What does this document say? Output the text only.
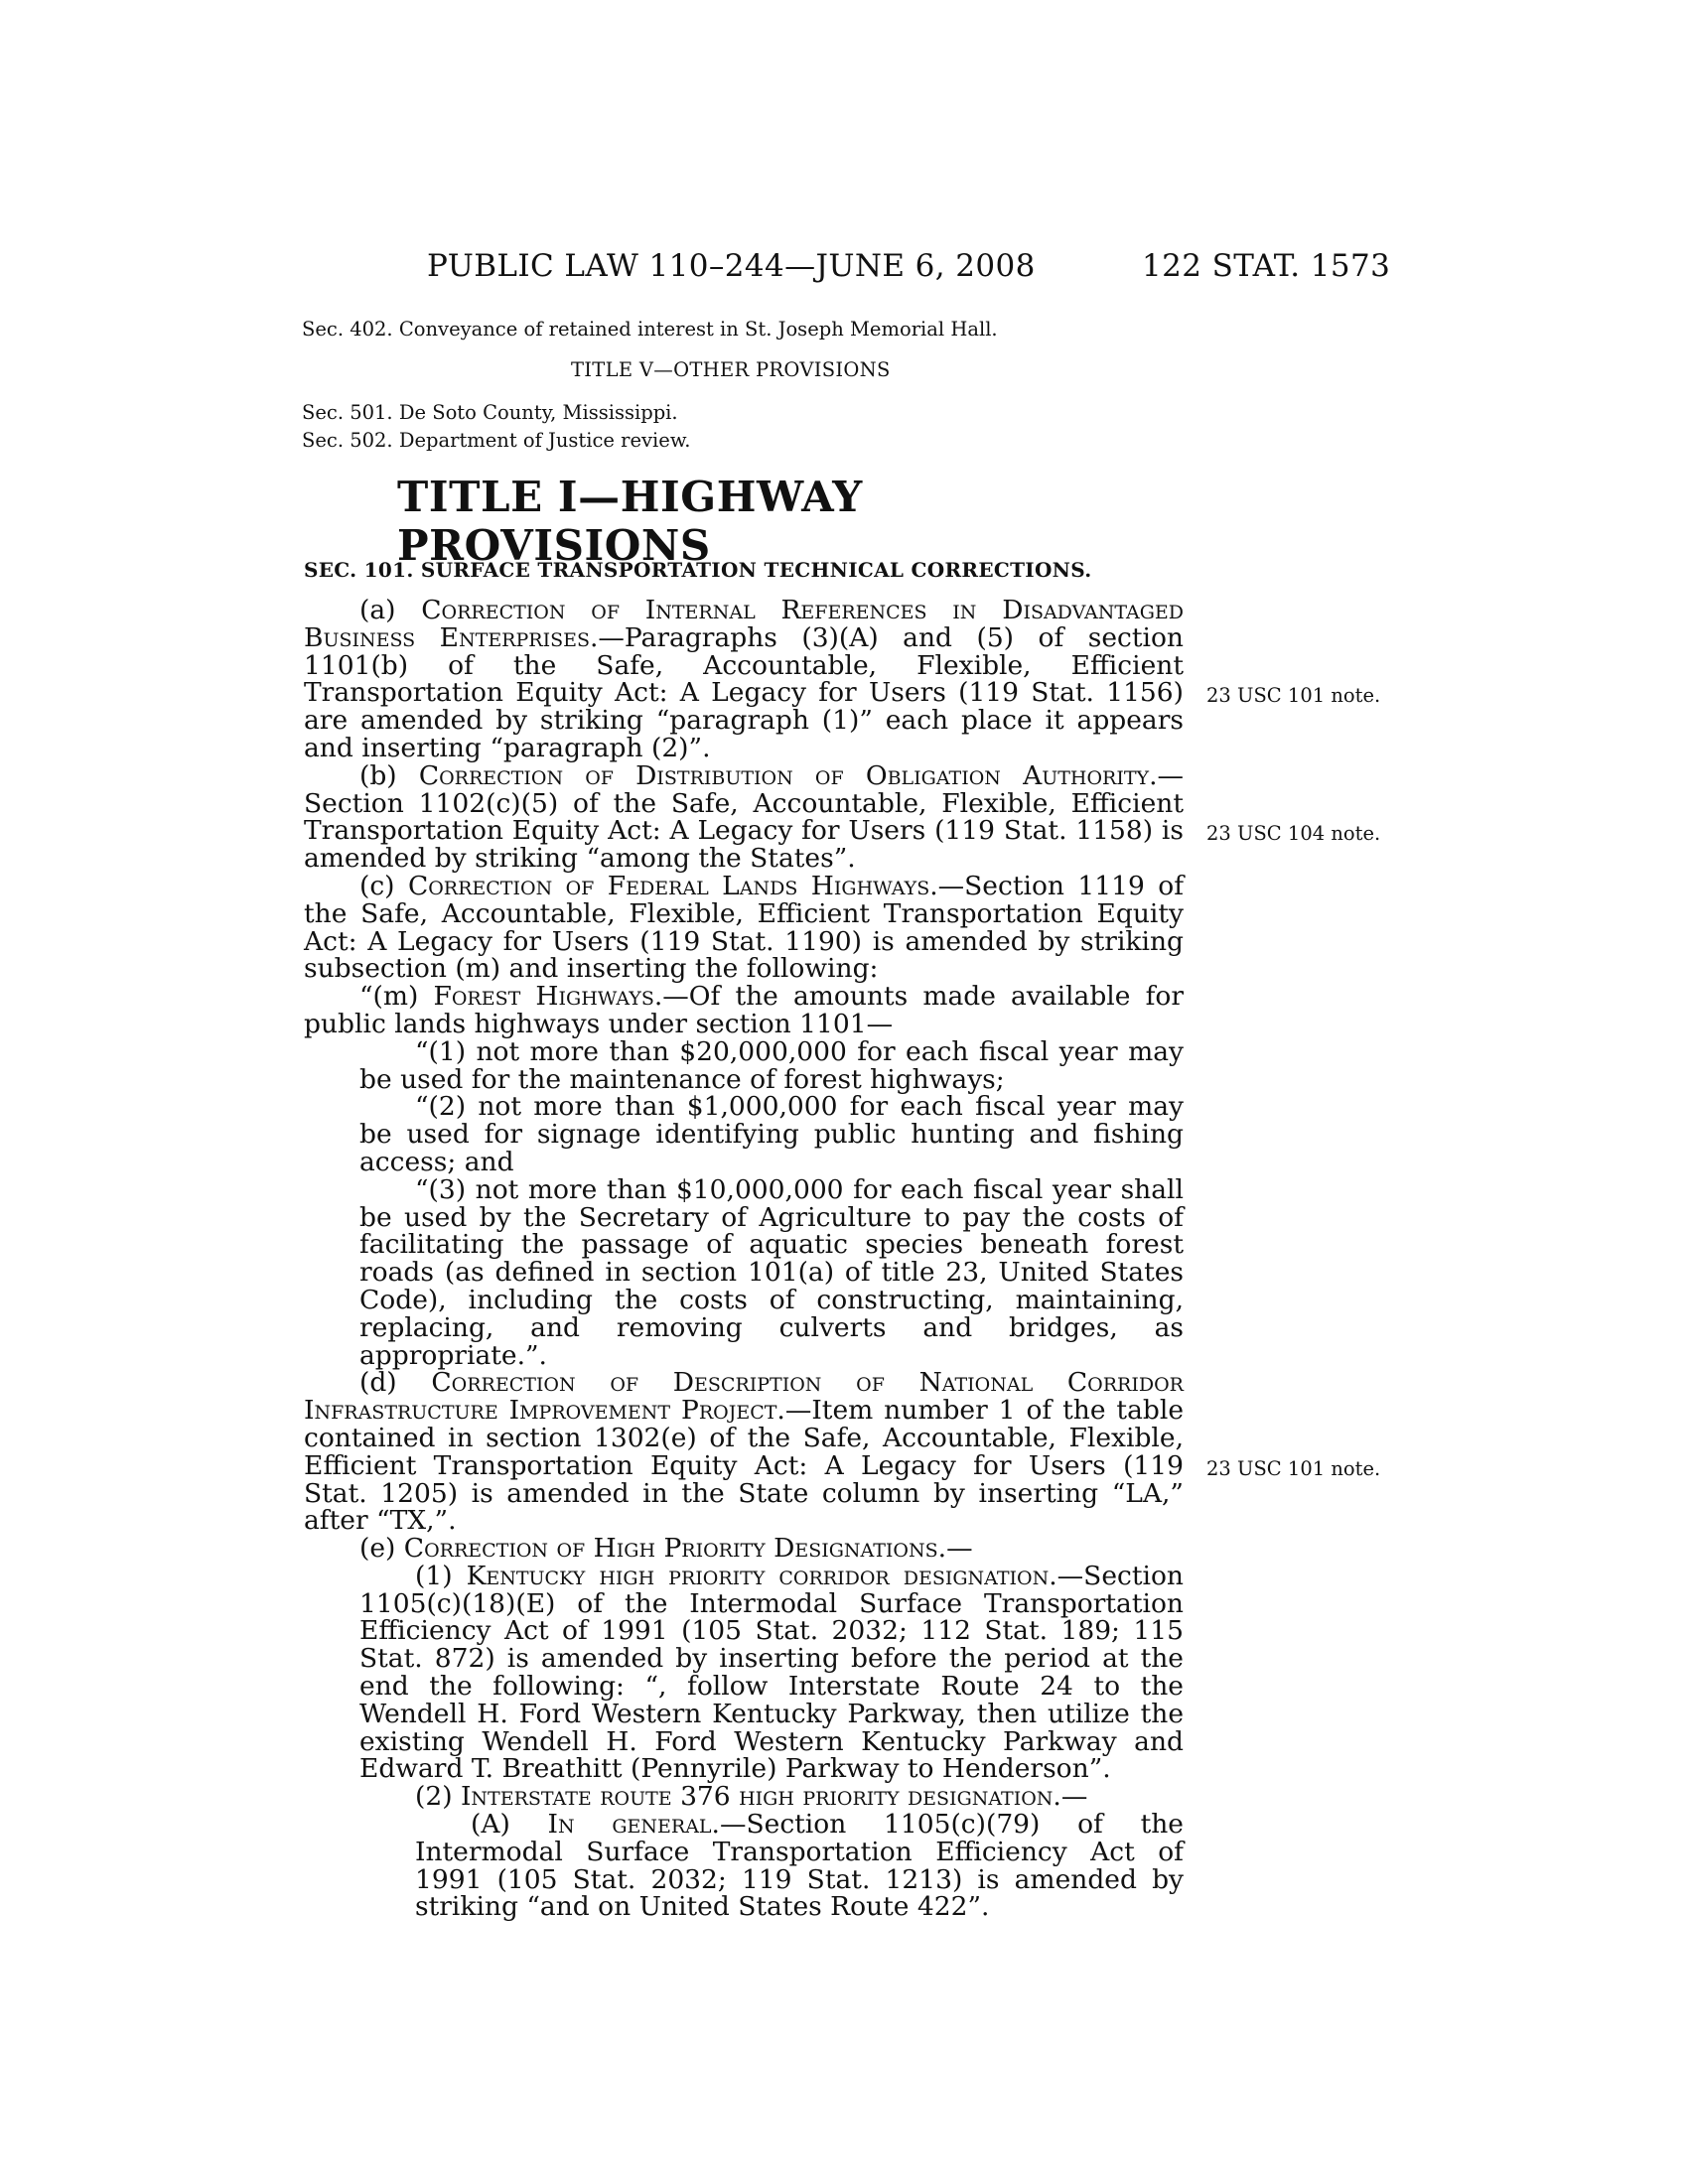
PUBLIC LAW 110–244—JUNE 6, 2008	122 STAT. 1573
Sec. 402. Conveyance of retained interest in St. Joseph Memorial Hall.
TITLE V—OTHER PROVISIONS
Sec. 501. De Soto County, Mississippi.
Sec. 502. Department of Justice review.
TITLE I—HIGHWAY PROVISIONS
SEC. 101. SURFACE TRANSPORTATION TECHNICAL CORRECTIONS.

(a) Correction of Internal References in Disadvantaged Business Enterprises.—Paragraphs (3)(A) and (5) of section 1101(b) of the Safe, Accountable, Flexible, Efficient Transportation Equity Act: A Legacy for Users (119 Stat. 1156) are amended by striking “paragraph (1)” each place it appears and inserting “paragraph (2)”.

(b) Correction of Distribution of Obligation Authority.— Section 1102(c)(5) of the Safe, Accountable, Flexible, Efficient Transportation Equity Act: A Legacy for Users (119 Stat. 1158) is amended by striking “among the States”.

(c) Correction of Federal Lands Highways.—Section 1119 of the Safe, Accountable, Flexible, Efficient Transportation Equity Act: A Legacy for Users (119 Stat. 1190) is amended by striking subsection (m) and inserting the following:

“(m) Forest Highways.—Of the amounts made available for public lands highways under section 1101—

“(1) not more than $20,000,000 for each fiscal year may be used for the maintenance of forest highways;

“(2) not more than $1,000,000 for each fiscal year may be used for signage identifying public hunting and fishing access; and

“(3) not more than $10,000,000 for each fiscal year shall be used by the Secretary of Agriculture to pay the costs of facilitating the passage of aquatic species beneath forest roads (as defined in section 101(a) of title 23, United States Code), including the costs of constructing, maintaining, replacing, and removing culverts and bridges, as appropriate.”.

(d) Correction of Description of National Corridor Infrastructure Improvement Project.—Item number 1 of the table contained in section 1302(e) of the Safe, Accountable, Flexible, Efficient Transportation Equity Act: A Legacy for Users (119 Stat. 1205) is amended in the State column by inserting “LA,” after “TX,”.

(e) Correction of High Priority Designations.—

(1) Kentucky high priority corridor designation.—Section 1105(c)(18)(E) of the Intermodal Surface Transportation Efficiency Act of 1991 (105 Stat. 2032; 112 Stat. 189; 115 Stat. 872) is amended by inserting before the period at the end the following: “, follow Interstate Route 24 to the Wendell H. Ford Western Kentucky Parkway, then utilize the existing Wendell H. Ford Western Kentucky Parkway and Edward T. Breathitt (Pennyrile) Parkway to Henderson”.

(2) Interstate route 376 high priority designation.—

(A) In general.—Section 1105(c)(79) of the Intermodal Surface Transportation Efficiency Act of 1991 (105 Stat. 2032; 119 Stat. 1213) is amended by striking “and on United States Route 422”.

23 USC 101 note.
23 USC 104 note.
23 USC 101 note.
